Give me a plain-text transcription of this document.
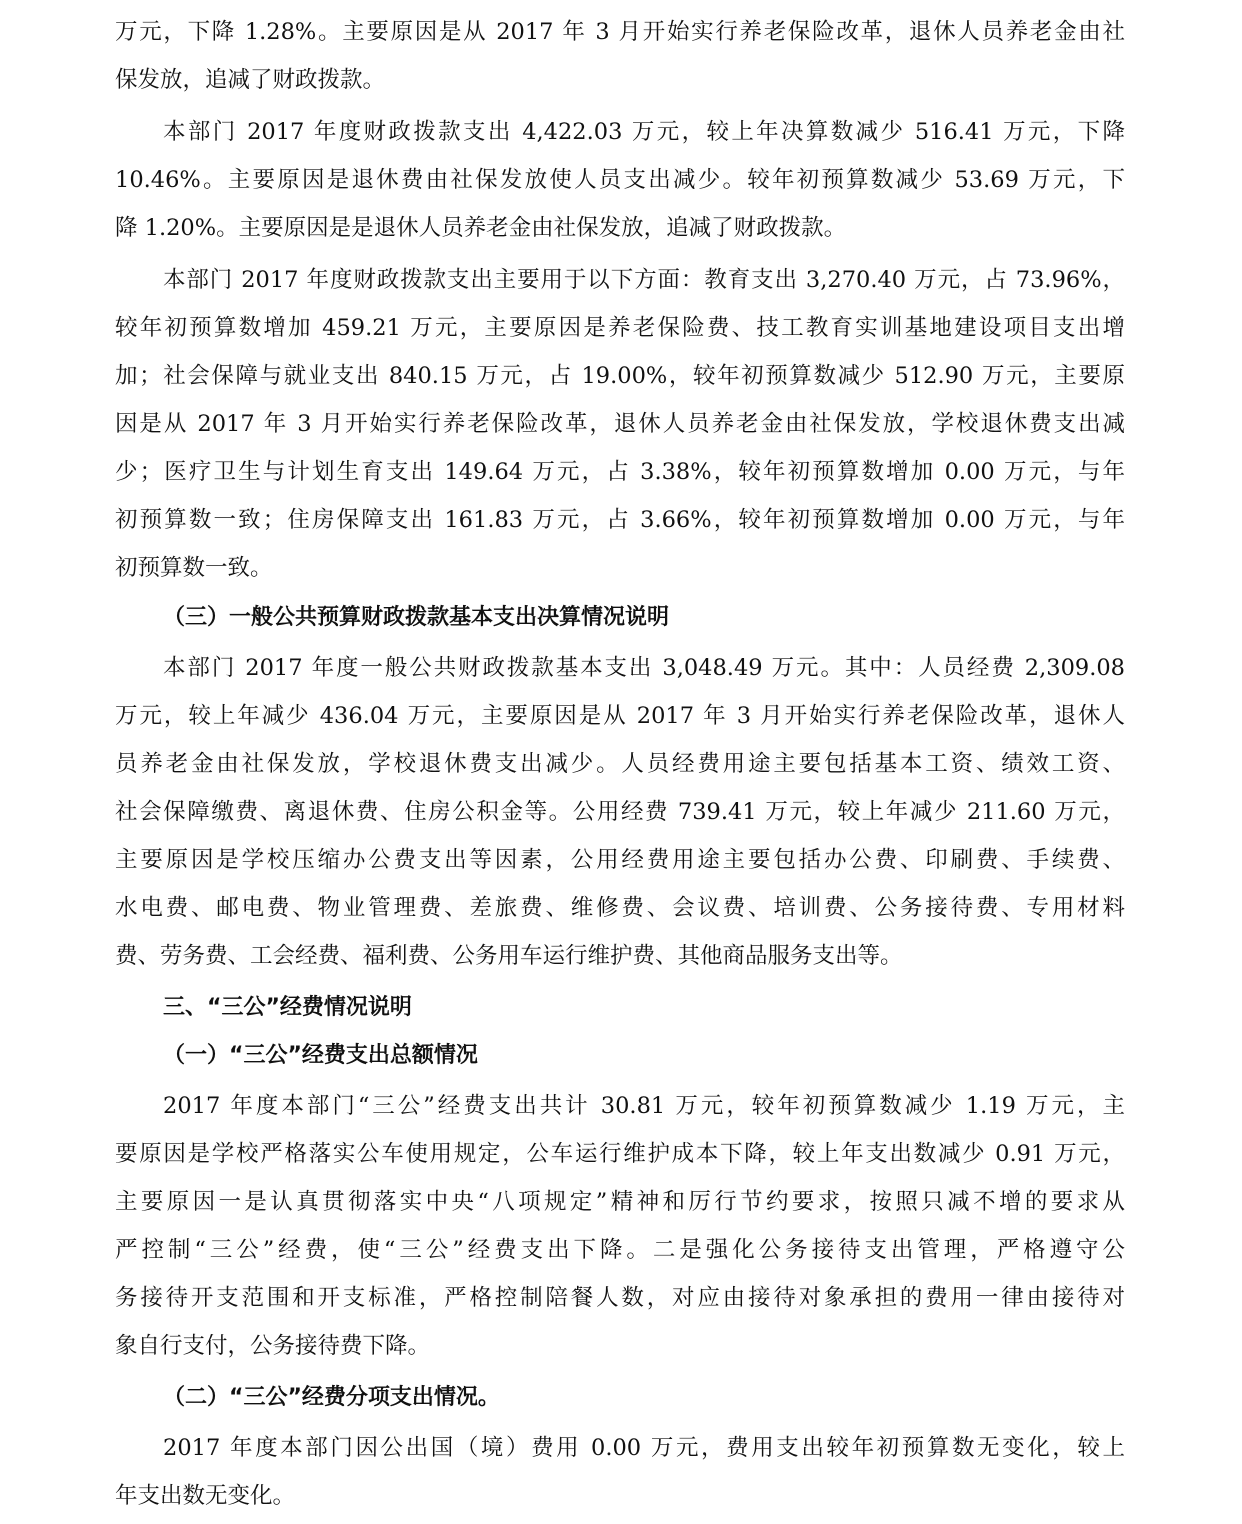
万元，下降 1.28%。主要原因是从 2017 年 3 月开始实行养老保险改革，退休人员养老金由社
保发放，追减了财政拨款。
本部门 2017 年度财政拨款支出 4,422.03 万元，较上年决算数减少 516.41 万元，下降
10.46%。主要原因是退休费由社保发放使人员支出减少。较年初预算数减少 53.69 万元，下
降 1.20%。主要原因是是退休人员养老金由社保发放，追减了财政拨款。
本部门 2017 年度财政拨款支出主要用于以下方面：教育支出 3,270.40 万元，占 73.96%，
较年初预算数增加 459.21 万元，主要原因是养老保险费、技工教育实训基地建设项目支出增
加；社会保障与就业支出 840.15 万元，占 19.00%，较年初预算数减少 512.90 万元，主要原
因是从 2017 年 3 月开始实行养老保险改革，退休人员养老金由社保发放，学校退休费支出减
少；医疗卫生与计划生育支出 149.64 万元，占 3.38%，较年初预算数增加 0.00 万元，与年
初预算数一致；住房保障支出 161.83 万元，占 3.66%，较年初预算数增加 0.00 万元，与年
初预算数一致。
（三）一般公共预算财政拨款基本支出决算情况说明
本部门 2017 年度一般公共财政拨款基本支出 3,048.49 万元。其中：人员经费 2,309.08
万元，较上年减少 436.04 万元，主要原因是从 2017 年 3 月开始实行养老保险改革，退休人
员养老金由社保发放，学校退休费支出减少。人员经费用途主要包括基本工资、绩效工资、
社会保障缴费、离退休费、住房公积金等。公用经费 739.41 万元，较上年减少 211.60 万元，
主要原因是学校压缩办公费支出等因素，公用经费用途主要包括办公费、印刷费、手续费、
水电费、邮电费、物业管理费、差旅费、维修费、会议费、培训费、公务接待费、专用材料
费、劳务费、工会经费、福利费、公务用车运行维护费、其他商品服务支出等。
三、“三公”经费情况说明
（一）“三公”经费支出总额情况
2017 年度本部门“三公”经费支出共计 30.81 万元，较年初预算数减少 1.19 万元，主
要原因是学校严格落实公车使用规定，公车运行维护成本下降，较上年支出数减少 0.91 万元，
主要原因一是认真贯彻落实中央“八项规定”精神和厉行节约要求，按照只减不增的要求从
严控制“三公”经费，使“三公”经费支出下降。二是强化公务接待支出管理，严格遵守公
务接待开支范围和开支标准，严格控制陪餐人数，对应由接待对象承担的费用一律由接待对
象自行支付，公务接待费下降。
（二）“三公”经费分项支出情况。
2017 年度本部门因公出国（境）费用 0.00 万元，费用支出较年初预算数无变化，较上
年支出数无变化。
